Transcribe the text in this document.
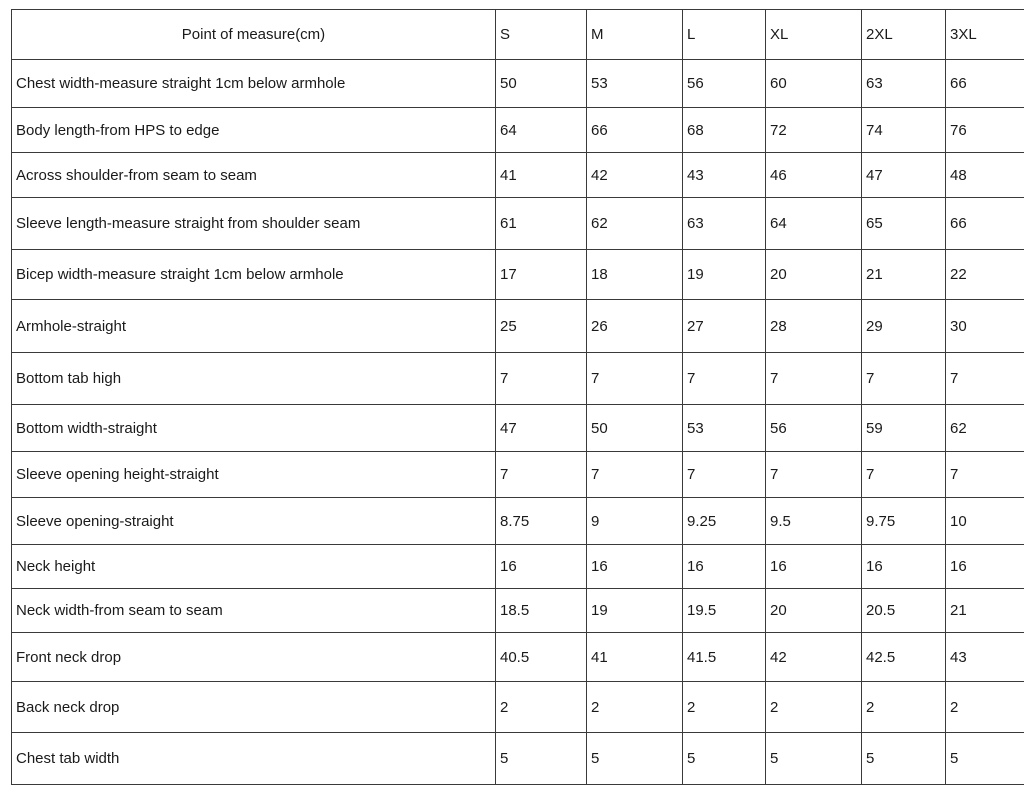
Point of measure(cm)	S	M	L	XL	2XL	3XL
Chest width-measure straight 1cm below armhole	50	53	56	60	63	66
Body length-from HPS to edge	64	66	68	72	74	76
Across shoulder-from seam to seam	41	42	43	46	47	48
Sleeve length-measure straight from shoulder seam	61	62	63	64	65	66
Bicep width-measure straight 1cm below armhole	17	18	19	20	21	22
Armhole-straight	25	26	27	28	29	30
Bottom tab high	7	7	7	7	7	7
Bottom width-straight	47	50	53	56	59	62
Sleeve opening height-straight	7	7	7	7	7	7
Sleeve opening-straight	8.75	9	9.25	9.5	9.75	10
Neck height	16	16	16	16	16	16
Neck width-from seam to seam	18.5	19	19.5	20	20.5	21
Front neck drop	40.5	41	41.5	42	42.5	43
Back neck drop	2	2	2	2	2	2
Chest tab width	5	5	5	5	5	5
